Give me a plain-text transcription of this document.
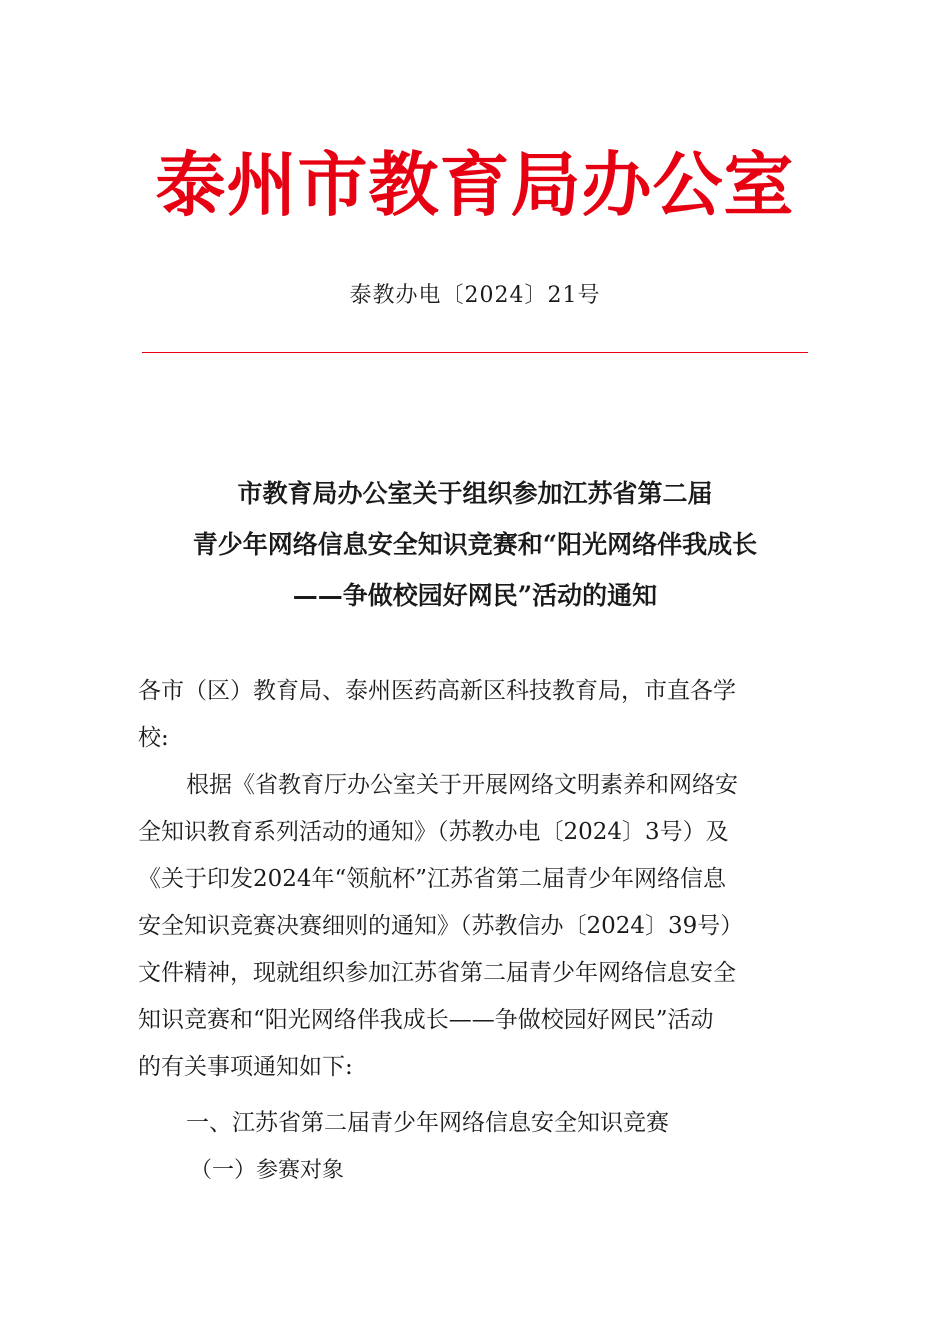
泰州市教育局办公室
泰教办电〔2024〕21号
市教育局办公室关于组织参加江苏省第二届
青少年网络信息安全知识竞赛和“阳光网络伴我成长
——争做校园好网民”活动的通知
各市（区）教育局、泰州医药高新区科技教育局，市直各学
校:
根据《省教育厅办公室关于开展网络文明素养和网络安
全知识教育系列活动的通知》（苏教办电〔2024〕3号）及
《关于印发2024年“领航杯”江苏省第二届青少年网络信息
安全知识竞赛决赛细则的通知》（苏教信办〔2024〕39号）
文件精神，现就组织参加江苏省第二届青少年网络信息安全
知识竞赛和“阳光网络伴我成长——争做校园好网民”活动
的有关事项通知如下:
一、江苏省第二届青少年网络信息安全知识竞赛
（一）参赛对象
